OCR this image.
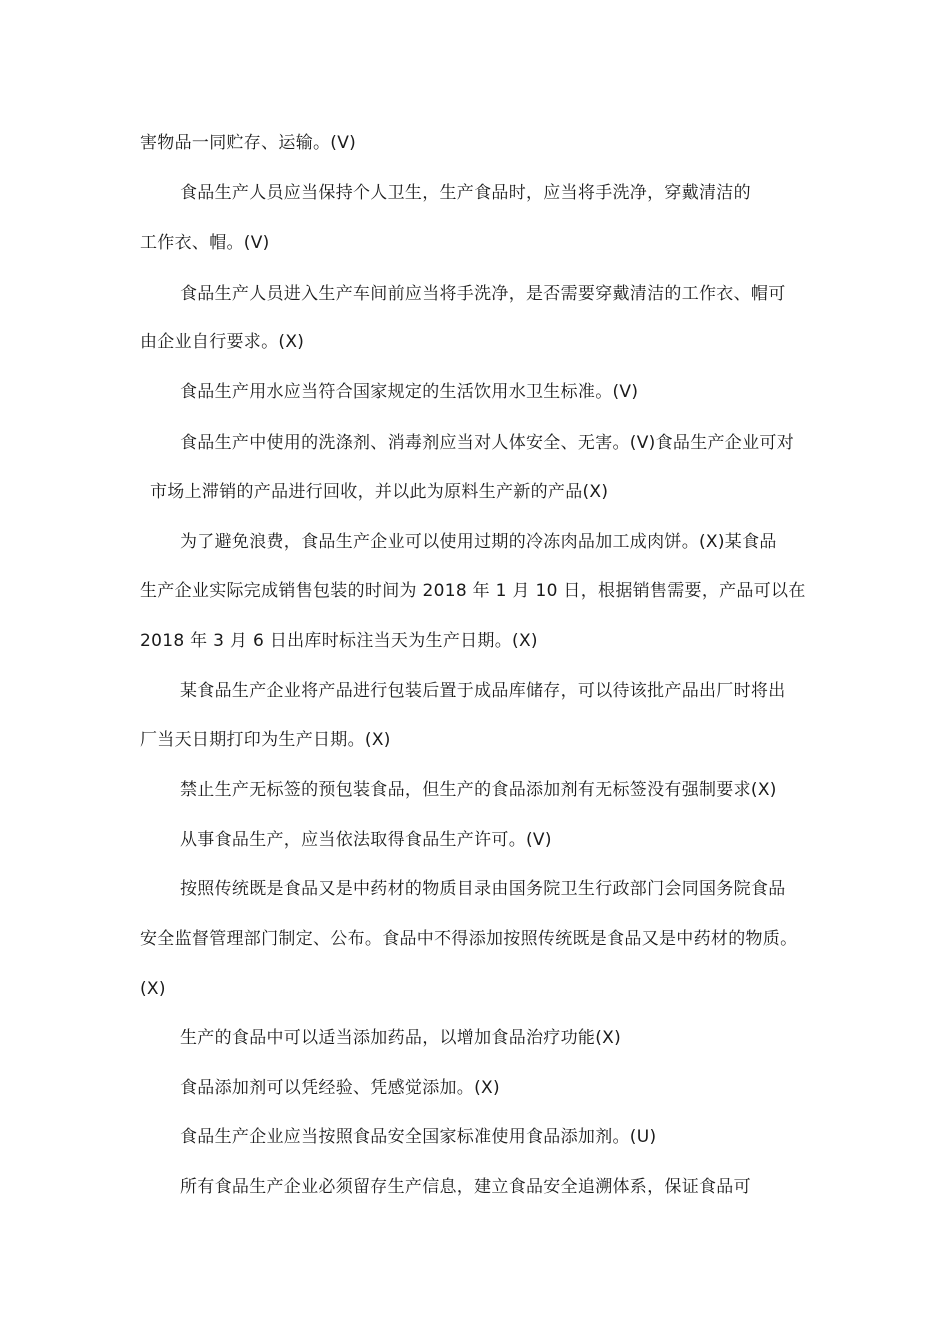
害物品一同贮存、运输。(V)
食品生产人员应当保持个人卫生，生产食品时，应当将手洗净，穿戴清洁的
工作衣、帽。(V)
食品生产人员进入生产车间前应当将手洗净，是否需要穿戴清洁的工作衣、帽可
由企业自行要求。(X)
食品生产用水应当符合国家规定的生活饮用水卫生标准。(V)
食品生产中使用的洗涤剂、消毒剂应当对人体安全、无害。(V)食品生产企业可对
市场上滞销的产品进行回收，并以此为原料生产新的产品(X)
为了避免浪费，食品生产企业可以使用过期的冷冻肉品加工成肉饼。(X)某食品
生产企业实际完成销售包装的时间为 2018 年 1 月 10 日，根据销售需要，产品可以在
2018 年 3 月 6 日出库时标注当天为生产日期。(X)
某食品生产企业将产品进行包装后置于成品库储存，可以待该批产品出厂时将出
厂当天日期打印为生产日期。(X)
禁止生产无标签的预包装食品，但生产的食品添加剂有无标签没有强制要求(X)
从事食品生产，应当依法取得食品生产许可。(V)
按照传统既是食品又是中药材的物质目录由国务院卫生行政部门会同国务院食品
安全监督管理部门制定、公布。食品中不得添加按照传统既是食品又是中药材的物质。
(X)
生产的食品中可以适当添加药品，以增加食品治疗功能(X)
食品添加剂可以凭经验、凭感觉添加。(X)
食品生产企业应当按照食品安全国家标准使用食品添加剂。(U)
所有食品生产企业必须留存生产信息，建立食品安全追溯体系，保证食品可
